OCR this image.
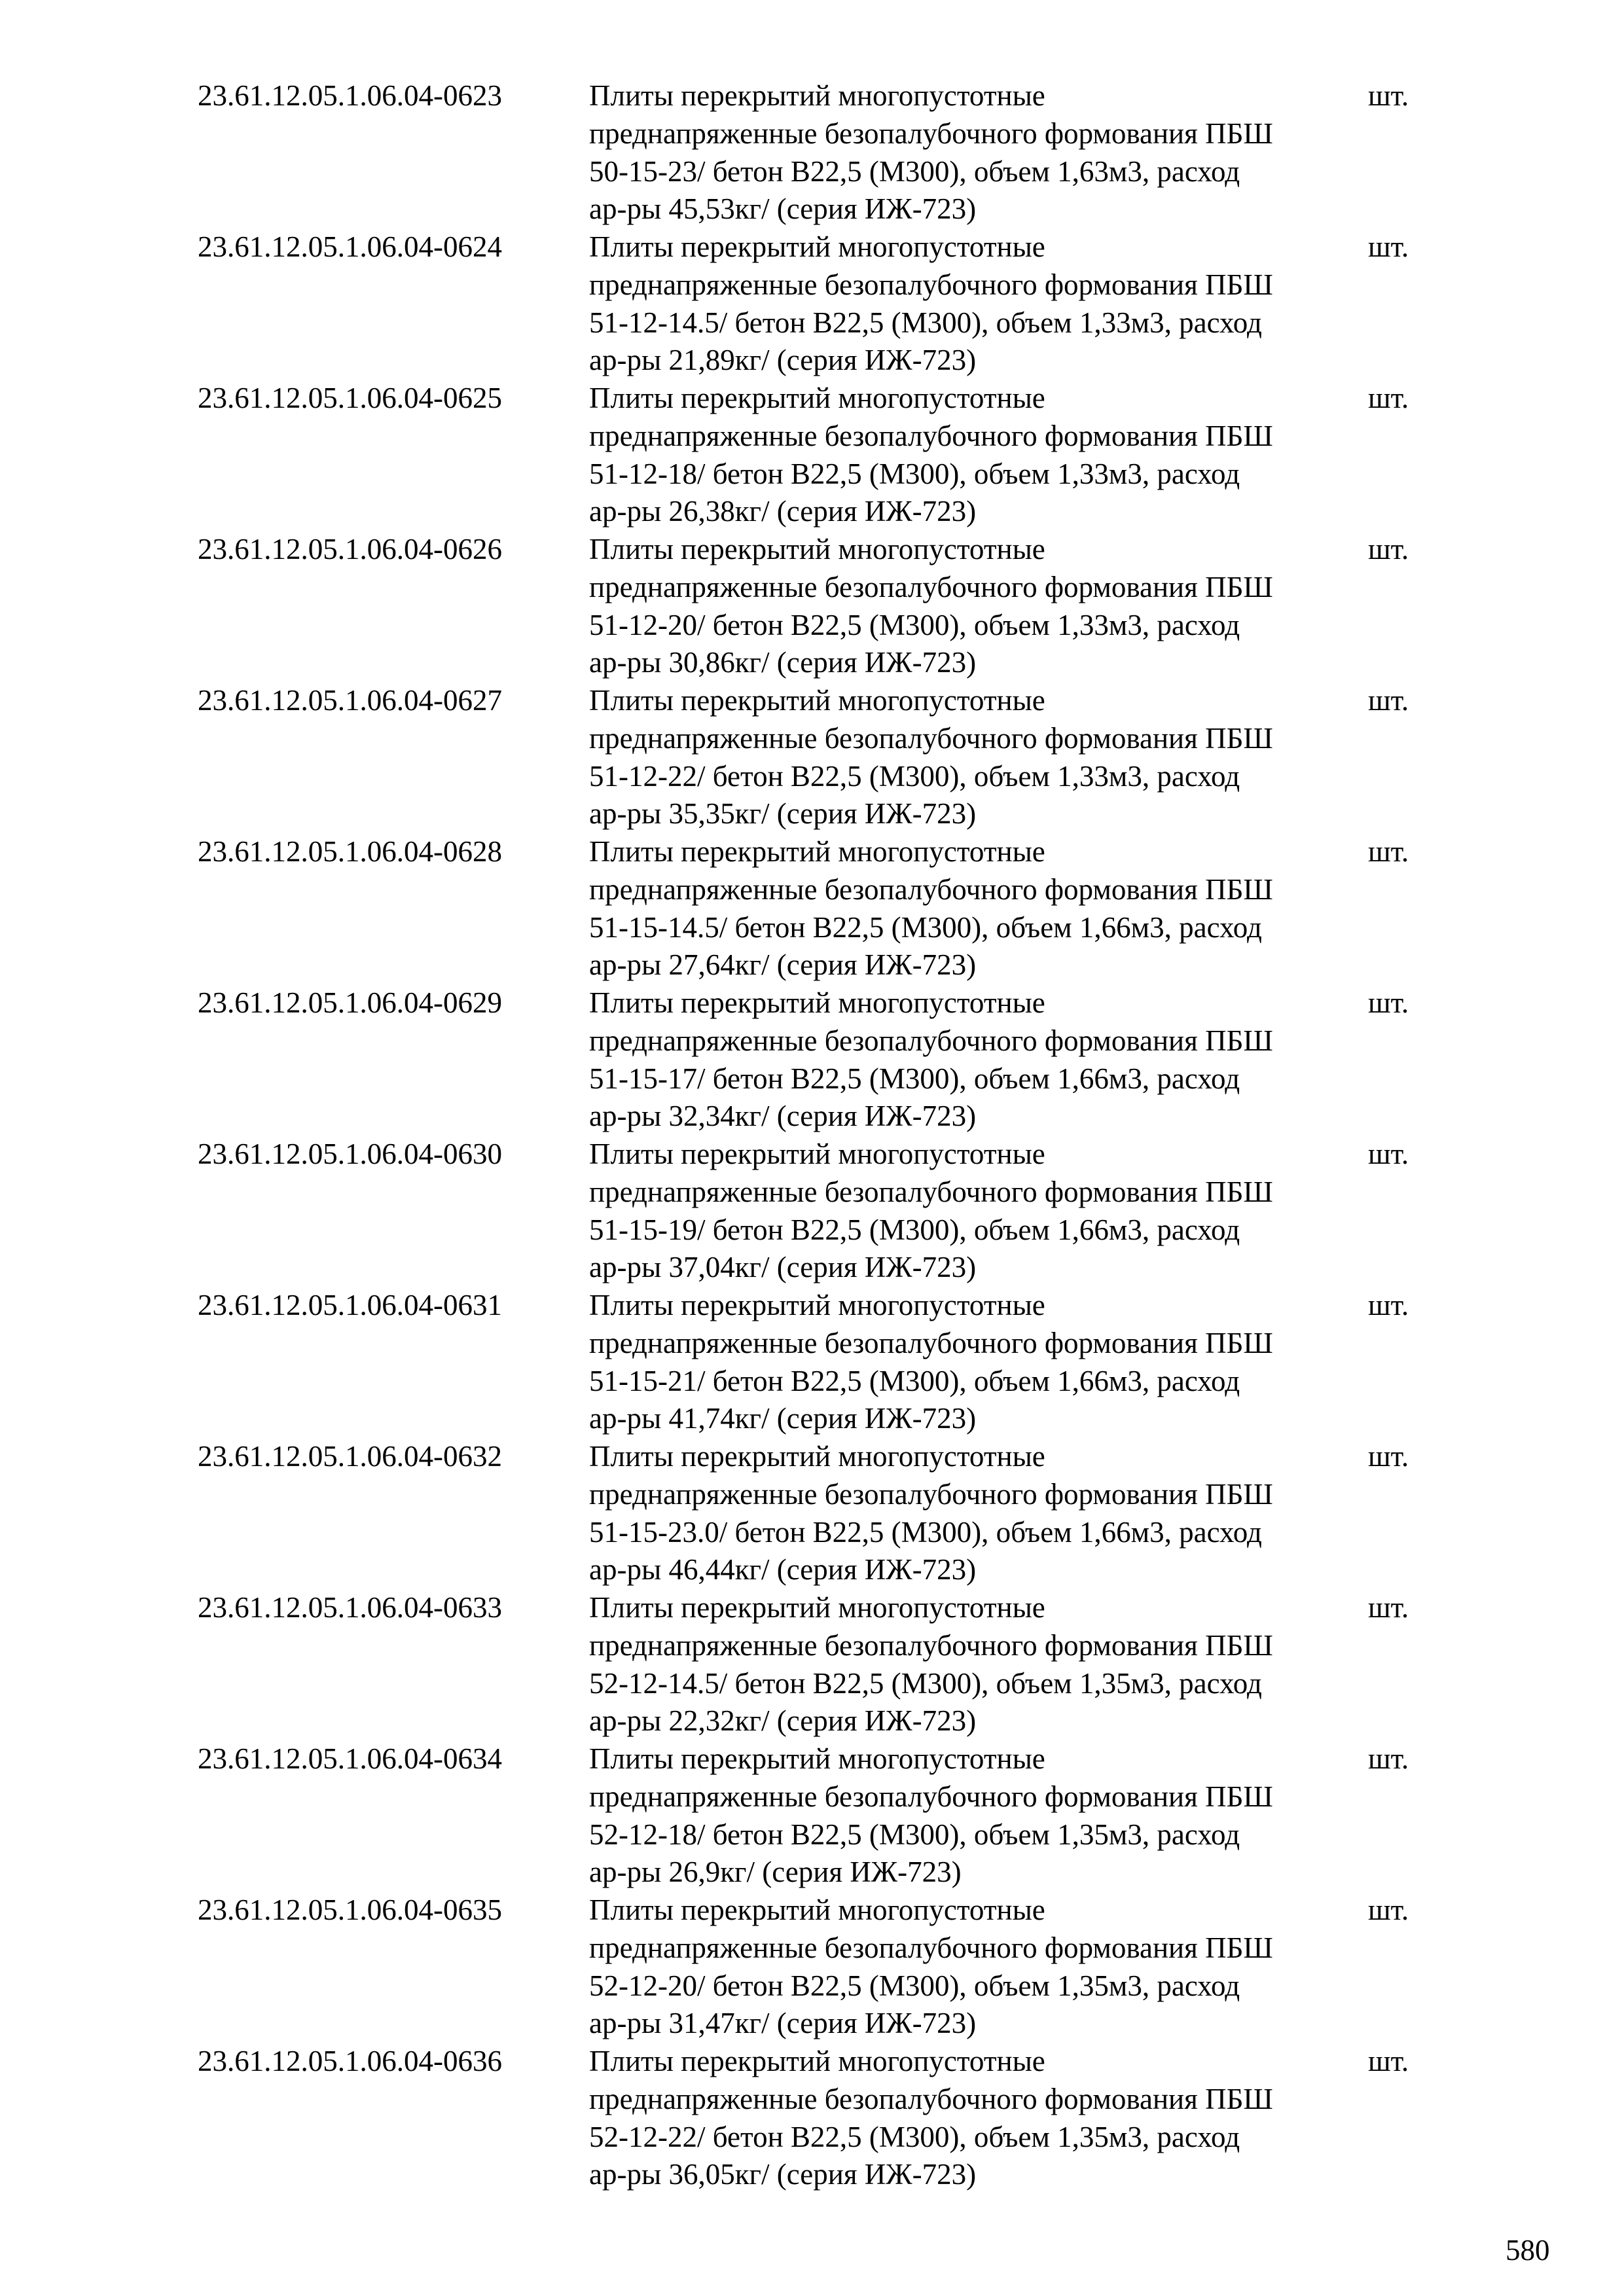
23.61.12.05.1.06.04-0623	Плиты перекрытий многопустотные
преднапряженные безопалубочного формования ПБШ
50-15-23/ бетон B22,5 (M300), объем 1,63м3, расход
ар-ры 45,53кг/ (серия ИЖ-723)
шт.
23.61.12.05.1.06.04-0624	Плиты перекрытий многопустотные
преднапряженные безопалубочного формования ПБШ
51-12-14.5/ бетон B22,5 (M300), объем 1,33м3, расход
ар-ры 21,89кг/ (серия ИЖ-723)
шт.
23.61.12.05.1.06.04-0625	Плиты перекрытий многопустотные
преднапряженные безопалубочного формования ПБШ
51-12-18/ бетон B22,5 (M300), объем 1,33м3, расход
ар-ры 26,38кг/ (серия ИЖ-723)
шт.
23.61.12.05.1.06.04-0626	Плиты перекрытий многопустотные
преднапряженные безопалубочного формования ПБШ
51-12-20/ бетон B22,5 (M300), объем 1,33м3, расход
ар-ры 30,86кг/ (серия ИЖ-723)
шт.
23.61.12.05.1.06.04-0627	Плиты перекрытий многопустотные
преднапряженные безопалубочного формования ПБШ
51-12-22/ бетон B22,5 (M300), объем 1,33м3, расход
ар-ры 35,35кг/ (серия ИЖ-723)
шт.
23.61.12.05.1.06.04-0628	Плиты перекрытий многопустотные
преднапряженные безопалубочного формования ПБШ
51-15-14.5/ бетон B22,5 (M300), объем 1,66м3, расход
ар-ры 27,64кг/ (серия ИЖ-723)
шт.
23.61.12.05.1.06.04-0629	Плиты перекрытий многопустотные
преднапряженные безопалубочного формования ПБШ
51-15-17/ бетон B22,5 (M300), объем 1,66м3, расход
ар-ры 32,34кг/ (серия ИЖ-723)
шт.
23.61.12.05.1.06.04-0630	Плиты перекрытий многопустотные
преднапряженные безопалубочного формования ПБШ
51-15-19/ бетон B22,5 (M300), объем 1,66м3, расход
ар-ры 37,04кг/ (серия ИЖ-723)
шт.
23.61.12.05.1.06.04-0631	Плиты перекрытий многопустотные
преднапряженные безопалубочного формования ПБШ
51-15-21/ бетон B22,5 (M300), объем 1,66м3, расход
ар-ры 41,74кг/ (серия ИЖ-723)
шт.
23.61.12.05.1.06.04-0632	Плиты перекрытий многопустотные
преднапряженные безопалубочного формования ПБШ
51-15-23.0/ бетон B22,5 (M300), объем 1,66м3, расход
ар-ры 46,44кг/ (серия ИЖ-723)
шт.
23.61.12.05.1.06.04-0633	Плиты перекрытий многопустотные
преднапряженные безопалубочного формования ПБШ
52-12-14.5/ бетон B22,5 (M300), объем 1,35м3, расход
ар-ры 22,32кг/ (серия ИЖ-723)
шт.
23.61.12.05.1.06.04-0634	Плиты перекрытий многопустотные
преднапряженные безопалубочного формования ПБШ
52-12-18/ бетон B22,5 (M300), объем 1,35м3, расход
ар-ры 26,9кг/ (серия ИЖ-723)
шт.
23.61.12.05.1.06.04-0635	Плиты перекрытий многопустотные
преднапряженные безопалубочного формования ПБШ
52-12-20/ бетон B22,5 (M300), объем 1,35м3, расход
ар-ры 31,47кг/ (серия ИЖ-723)
шт.
23.61.12.05.1.06.04-0636	Плиты перекрытий многопустотные
преднапряженные безопалубочного формования ПБШ
52-12-22/ бетон B22,5 (M300), объем 1,35м3, расход
ар-ры 36,05кг/ (серия ИЖ-723)
шт.
580
